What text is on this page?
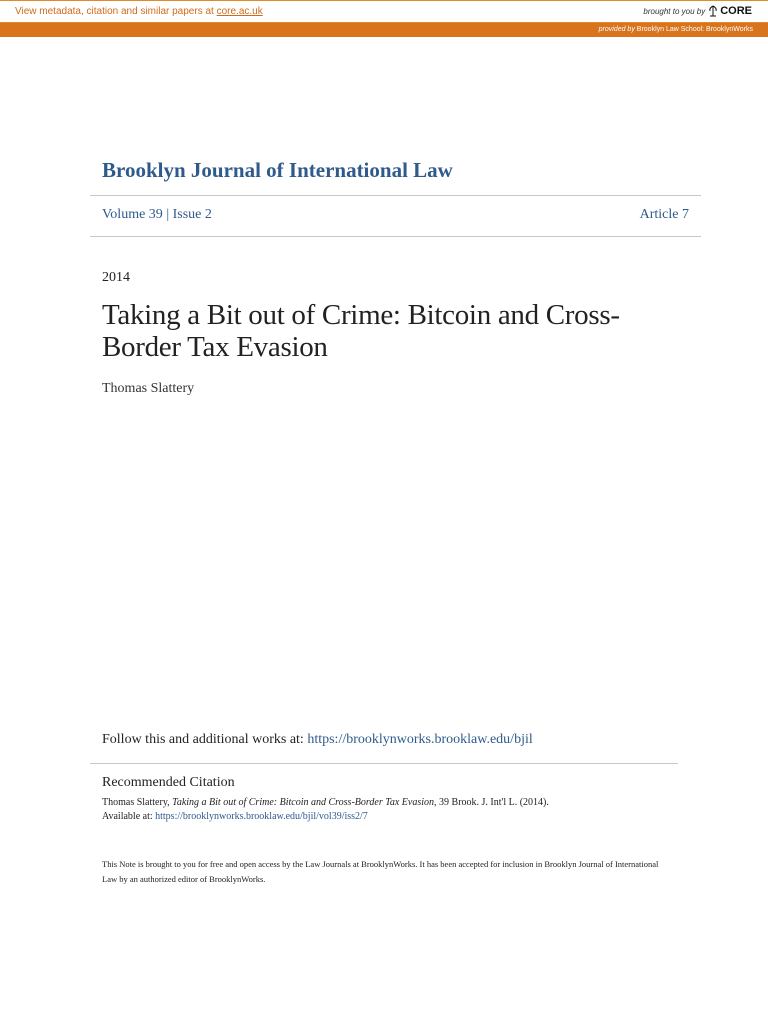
View metadata, citation and similar papers at core.ac.uk	brought to you by CORE
provided by Brooklyn Law School: BrooklynWorks
Brooklyn Journal of International Law
Volume 39 | Issue 2	Article 7
2014
Taking a Bit out of Crime: Bitcoin and Cross-Border Tax Evasion
Thomas Slattery
Follow this and additional works at: https://brooklynworks.brooklaw.edu/bjil
Recommended Citation
Thomas Slattery, Taking a Bit out of Crime: Bitcoin and Cross-Border Tax Evasion, 39 Brook. J. Int'l L. (2014).
Available at: https://brooklynworks.brooklaw.edu/bjil/vol39/iss2/7
This Note is brought to you for free and open access by the Law Journals at BrooklynWorks. It has been accepted for inclusion in Brooklyn Journal of International Law by an authorized editor of BrooklynWorks.
